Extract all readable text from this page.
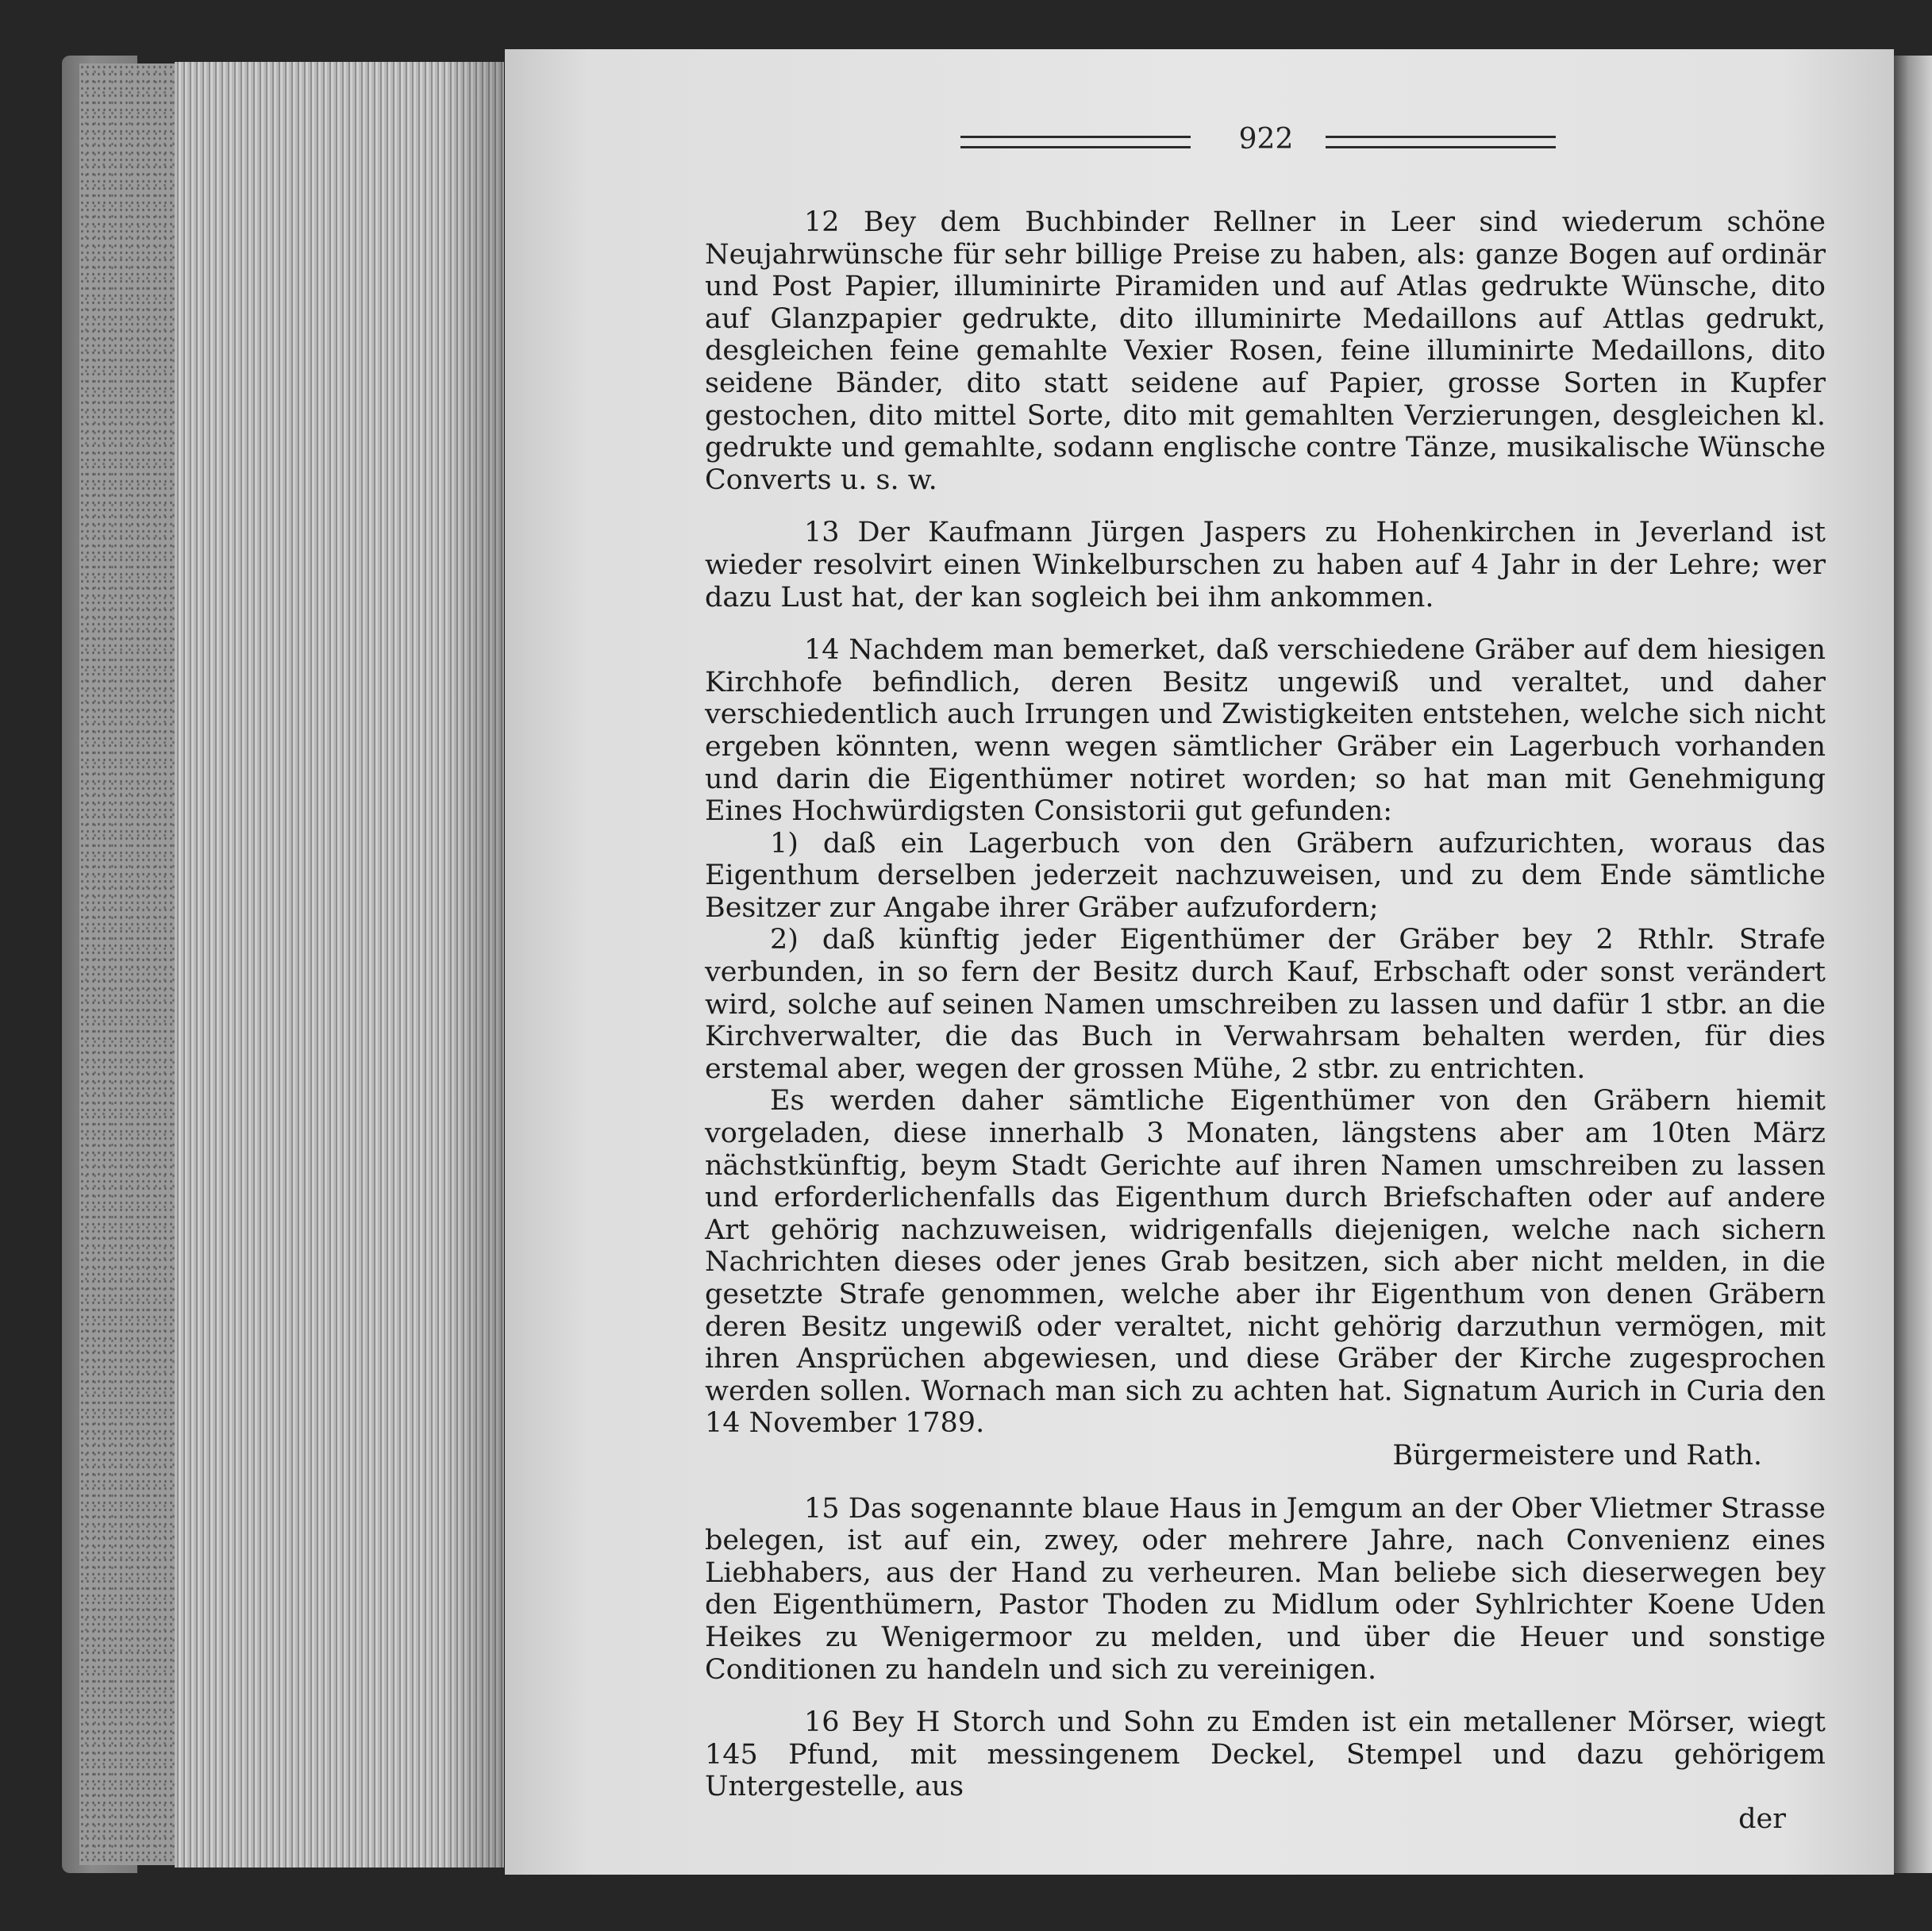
922

12 Bey dem Buchbinder Rellner in Leer sind wiederum schöne Neujahrwünsche für sehr billige Preise zu haben, als: ganze Bogen auf ordinär und Post Papier, illuminirte Piramiden und auf Atlas gedrukte Wünsche, dito auf Glanzpapier gedrukte, dito illuminirte Medaillons auf Attlas gedrukt, desgleichen feine gemahlte Vexier Rosen, feine illuminirte Medaillons, dito seidene Bänder, dito statt seidene auf Papier, grosse Sorten in Kupfer gestochen, dito mittel Sorte, dito mit gemahlten Verzierungen, desgleichen kl. gedrukte und gemahlte, sodann englische contre Tänze, musikalische Wünsche Converts u. s. w.

13 Der Kaufmann Jürgen Jaspers zu Hohenkirchen in Jeverland ist wieder resolvirt einen Winkelburschen zu haben auf 4 Jahr in der Lehre; wer dazu Lust hat, der kan sogleich bei ihm ankommen.

14 Nachdem man bemerket, daß verschiedene Gräber auf dem hiesigen Kirchhofe befindlich, deren Besitz ungewiß und veraltet, und daher verschiedentlich auch Irrungen und Zwistigkeiten entstehen, welche sich nicht ergeben könnten, wenn wegen sämtlicher Gräber ein Lagerbuch vorhanden und darin die Eigenthümer notiret worden; so hat man mit Genehmigung Eines Hochwürdigsten Consistorii gut gefunden:

1) daß ein Lagerbuch von den Gräbern aufzurichten, woraus das Eigenthum derselben jederzeit nachzuweisen, und zu dem Ende sämtliche Besitzer zur Angabe ihrer Gräber aufzufordern;

2) daß künftig jeder Eigenthümer der Gräber bey 2 Rthlr. Strafe verbunden, in so fern der Besitz durch Kauf, Erbschaft oder sonst verändert wird, solche auf seinen Namen umschreiben zu lassen und dafür 1 stbr. an die Kirchverwalter, die das Buch in Verwahrsam behalten werden, für dies erstemal aber, wegen der grossen Mühe, 2 stbr. zu entrichten.

Es werden daher sämtliche Eigenthümer von den Gräbern hiemit vorgeladen, diese innerhalb 3 Monaten, längstens aber am 10ten März nächstkünftig, beym Stadt Gerichte auf ihren Namen umschreiben zu lassen und erforderlichenfalls das Eigenthum durch Briefschaften oder auf andere Art gehörig nachzuweisen, widrigenfalls diejenigen, welche nach sichern Nachrichten dieses oder jenes Grab besitzen, sich aber nicht melden, in die gesetzte Strafe genommen, welche aber ihr Eigenthum von denen Gräbern deren Besitz ungewiß oder veraltet, nicht gehörig darzuthun vermögen, mit ihren Ansprüchen abgewiesen, und diese Gräber der Kirche zugesprochen werden sollen. Wornach man sich zu achten hat. Signatum Aurich in Curia den 14 November 1789.

Bürgermeistere und Rath.

15 Das sogenannte blaue Haus in Jemgum an der Ober Vlietmer Strasse belegen, ist auf ein, zwey, oder mehrere Jahre, nach Convenienz eines Liebhabers, aus der Hand zu verheuren. Man beliebe sich dieserwegen bey den Eigenthümern, Pastor Thoden zu Midlum oder Syhlrichter Koene Uden Heikes zu Wenigermoor zu melden, und über die Heuer und sonstige Conditionen zu handeln und sich zu vereinigen.

16 Bey H Storch und Sohn zu Emden ist ein metallener Mörser, wiegt 145 Pfund, mit messingenem Deckel, Stempel und dazu gehörigem Untergestelle, aus

der
